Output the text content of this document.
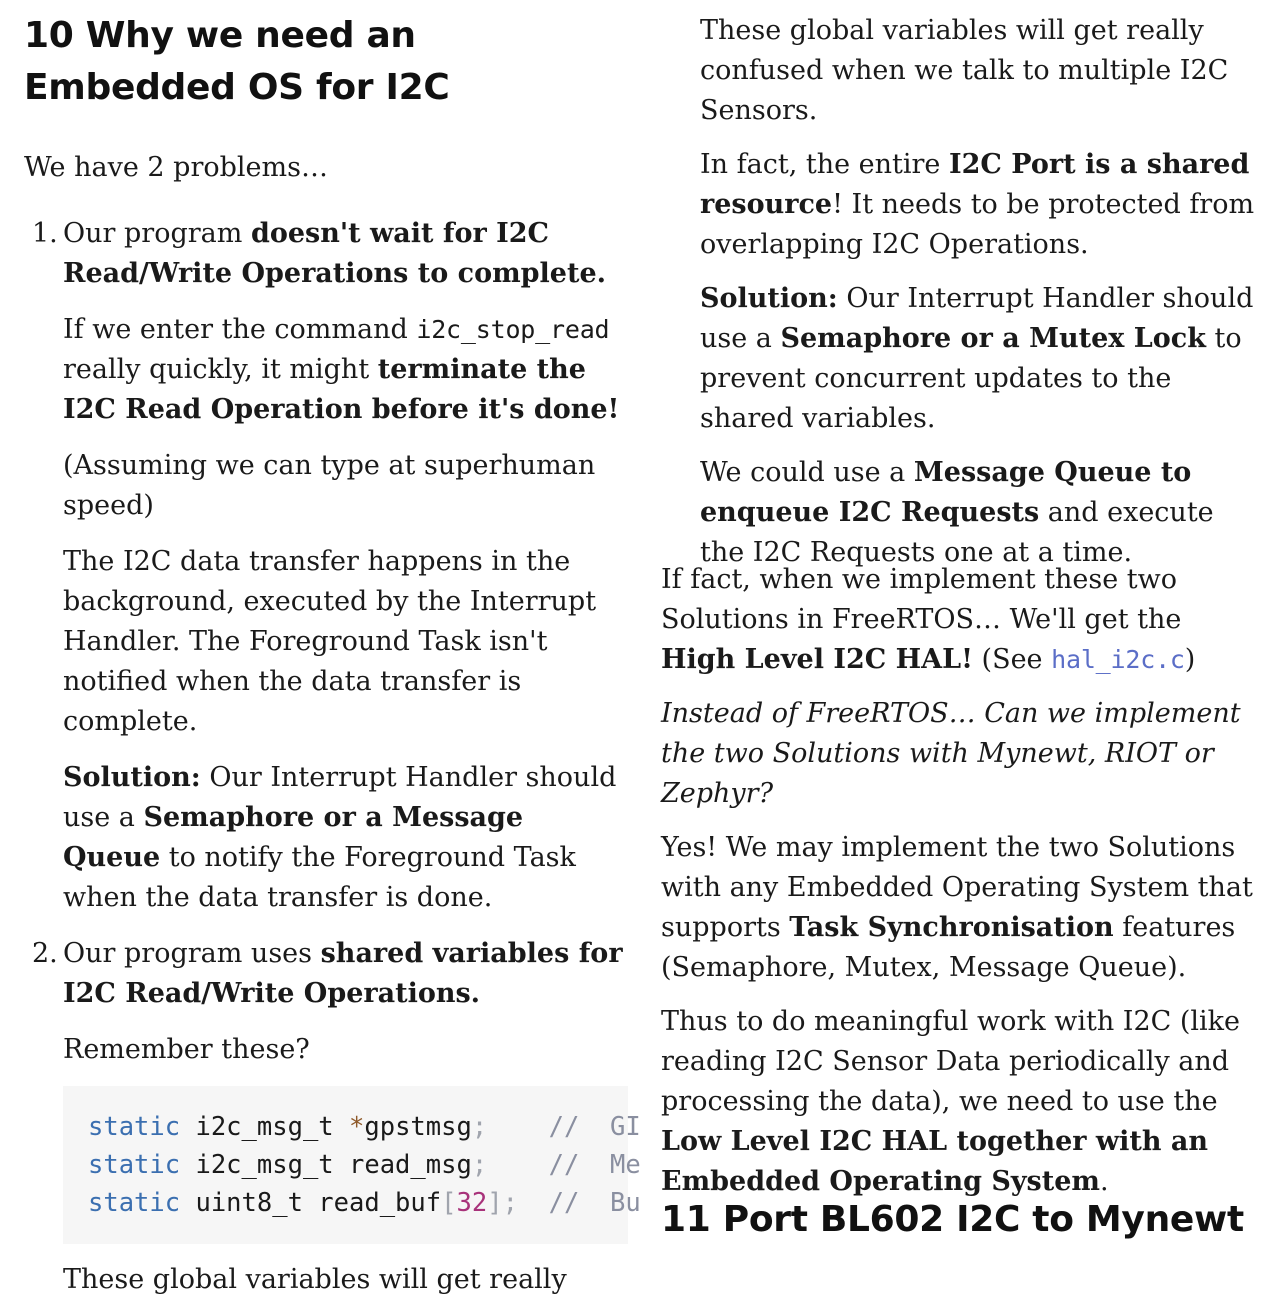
10 Why we need an Embedded OS for I2C

We have 2 problems…

1. Our program doesn't wait for I2C Read/Write Operations to complete.

If we enter the command i2c_stop_read really quickly, it might terminate the I2C Read Operation before it's done!

(Assuming we can type at superhuman speed)

The I2C data transfer happens in the background, executed by the Interrupt Handler. The Foreground Task isn't notified when the data transfer is complete.

Solution: Our Interrupt Handler should use a Semaphore or a Message Queue to notify the Foreground Task when the data transfer is done.

2. Our program uses shared variables for I2C Read/Write Operations.

Remember these?

static i2c_msg_t *gpstmsg; //  GI
static i2c_msg_t read_msg; //  Me
static uint8_t read_buf[32]; //  Bu

These global variables will get really

These global variables will get really confused when we talk to multiple I2C Sensors.

In fact, the entire I2C Port is a shared resource! It needs to be protected from overlapping I2C Operations.

Solution: Our Interrupt Handler should use a Semaphore or a Mutex Lock to prevent concurrent updates to the shared variables.

We could use a Message Queue to enqueue I2C Requests and execute the I2C Requests one at a time.

If fact, when we implement these two Solutions in FreeRTOS… We'll get the High Level I2C HAL! (See hal_i2c.c)

Instead of FreeRTOS… Can we implement the two Solutions with Mynewt, RIOT or Zephyr?

Yes! We may implement the two Solutions with any Embedded Operating System that supports Task Synchronisation features (Semaphore, Mutex, Message Queue).

Thus to do meaningful work with I2C (like reading I2C Sensor Data periodically and processing the data), we need to use the Low Level I2C HAL together with an Embedded Operating System.

11 Port BL602 I2C to Mynewt
